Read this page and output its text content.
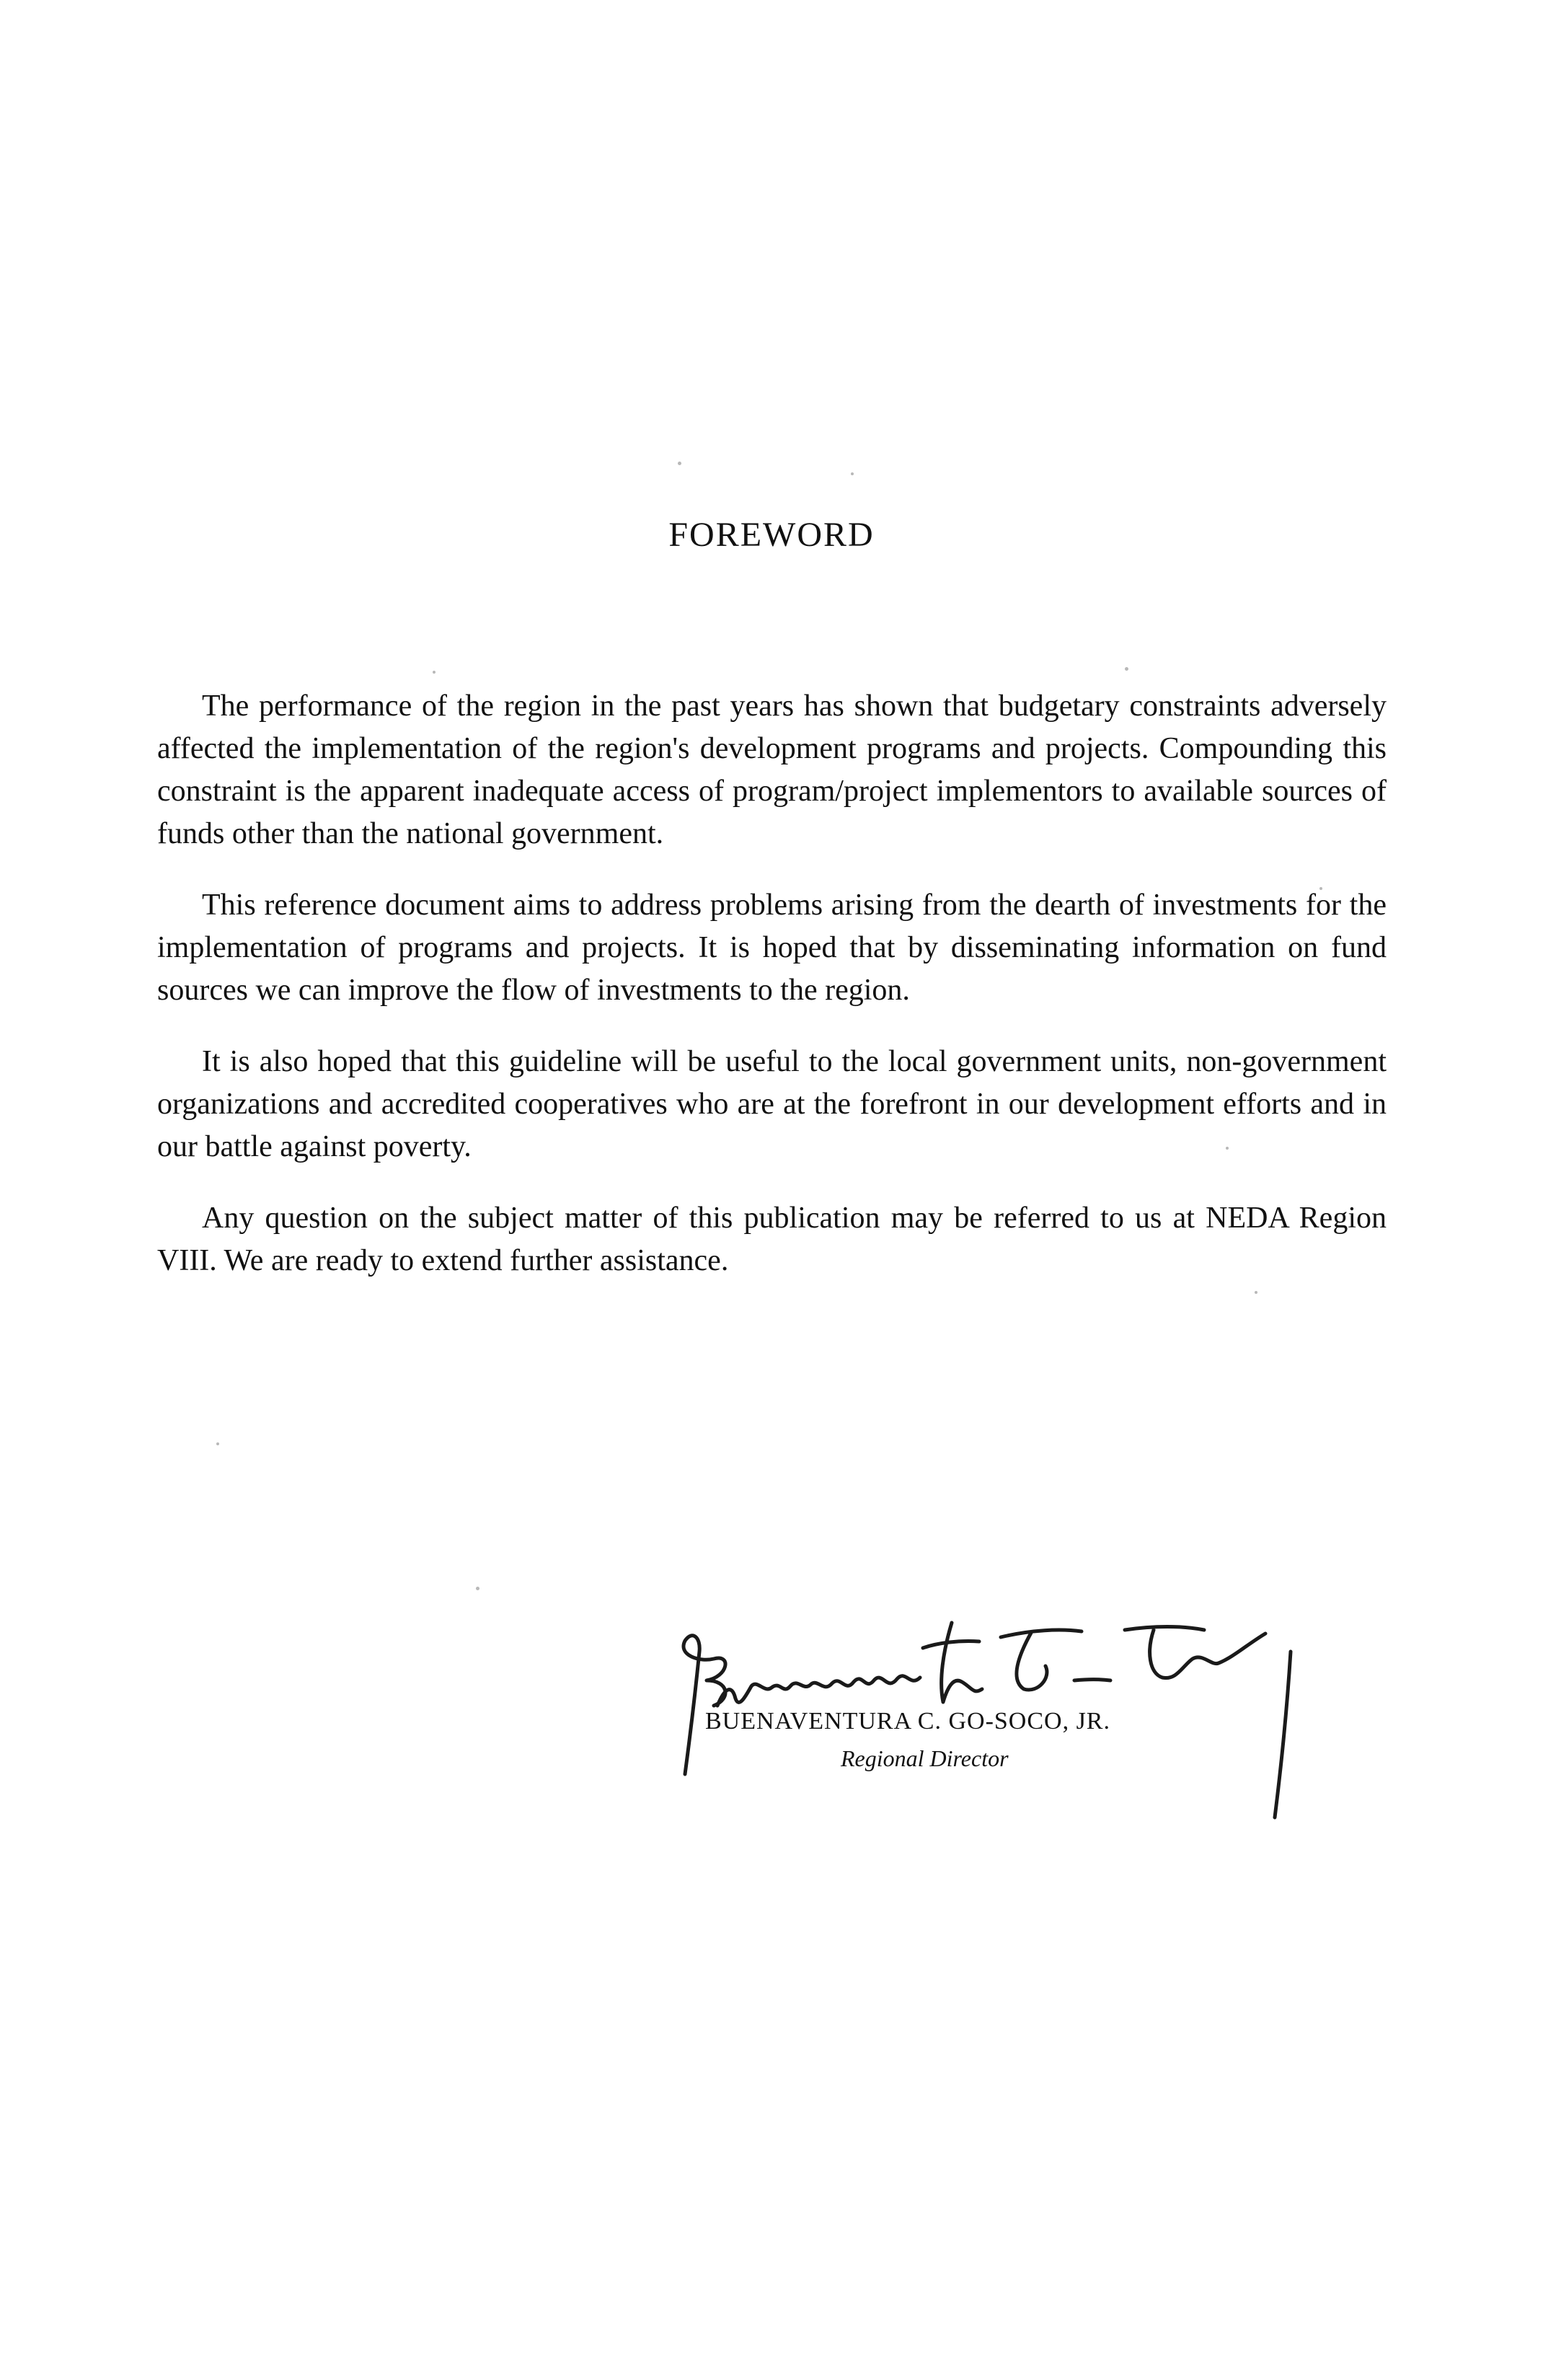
FOREWORD

The performance of the region in the past years has shown that budgetary constraints adversely affected the implementation of the region's development programs and projects. Compounding this constraint is the apparent inadequate access of program/project implementors to available sources of funds other than the national government.

This reference document aims to address problems arising from the dearth of investments for the implementation of programs and projects. It is hoped that by disseminating information on fund sources we can improve the flow of investments to the region.

It is also hoped that this guideline will be useful to the local government units, non-government organizations and accredited cooperatives who are at the forefront in our development efforts and in our battle against poverty.

Any question on the subject matter of this publication may be referred to us at NEDA Region VIII. We are ready to extend further assistance.

BUENAVENTURA C. GO-SOCO, JR.
Regional Director
